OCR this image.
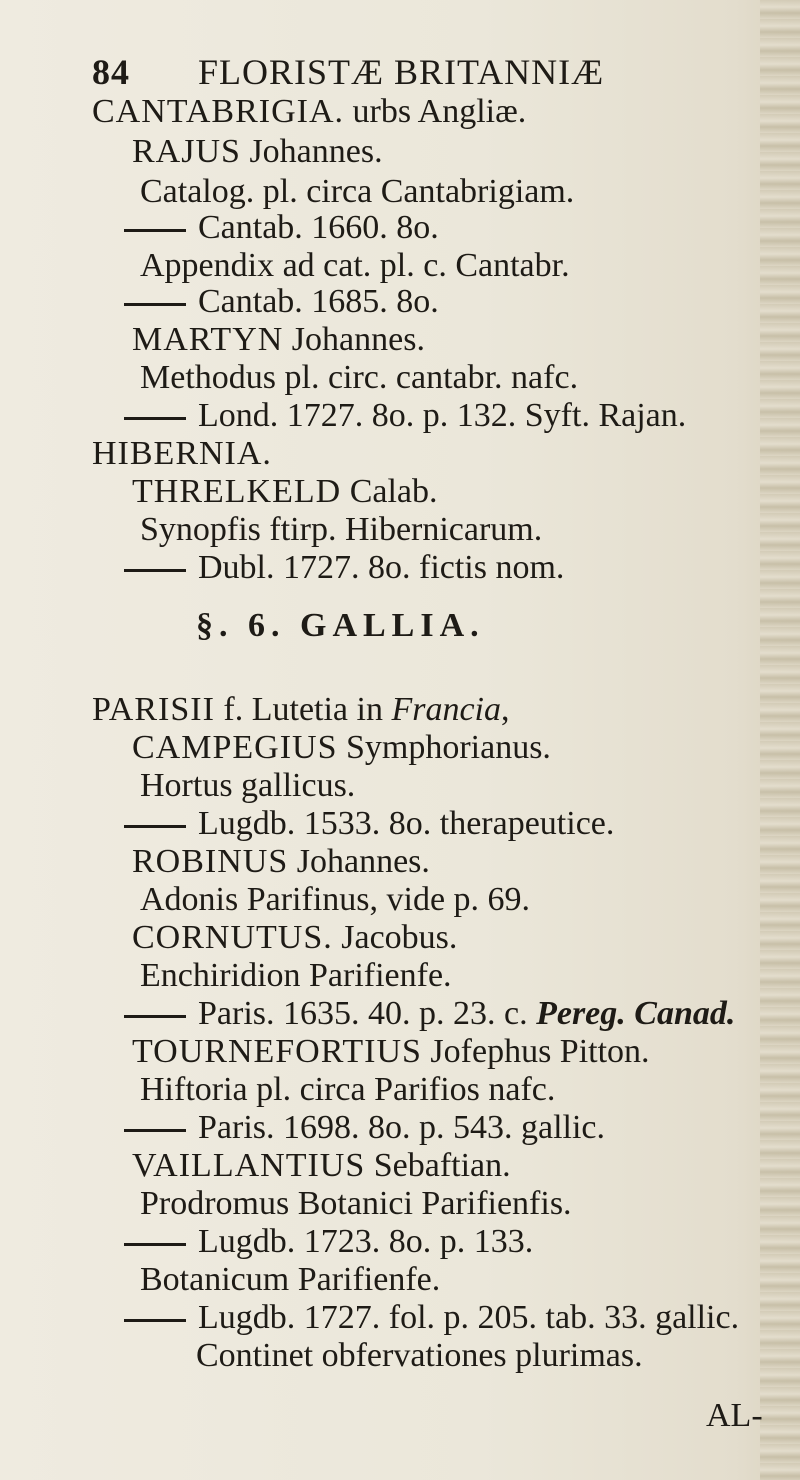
84 FLORISTÆ BRITANNIÆ
CANTABRIGIA. urbs Angliæ.
RAJUS Johannes.
Catalog. pl. circa Cantabrigiam.
Cantab. 1660. 8o.
Appendix ad cat. pl. c. Cantabr.
Cantab. 1685. 8o.
MARTYN Johannes.
Methodus pl. circ. cantabr. nafc.
Lond. 1727. 8o. p. 132. Syft. Rajan.
HIBERNIA.
THRELKELD Calab.
Synopfis ftirp. Hibernicarum.
Dubl. 1727. 8o. fictis nom.
§. 6. GALLIA.
PARISII f. Lutetia in Francia,
CAMPEGIUS Symphorianus.
Hortus gallicus.
Lugdb. 1533. 8o. therapeutice.
ROBINUS Johannes.
Adonis Parifinus, vide p. 69.
CORNUTUS. Jacobus.
Enchiridion Parifienfe.
Paris. 1635. 40. p. 23. c. Pereg. Canad.
TOURNEFORTIUS Jofephus Pitton.
Hiftoria pl. circa Parifios nafc.
Paris. 1698. 8o. p. 543. gallic.
VAILLANTIUS Sebaftian.
Prodromus Botanici Parifienfis.
Lugdb. 1723. 8o. p. 133.
Botanicum Parifienfe.
Lugdb. 1727. fol. p. 205. tab. 33. gallic.
Continet obfervationes plurimas.
AL-
